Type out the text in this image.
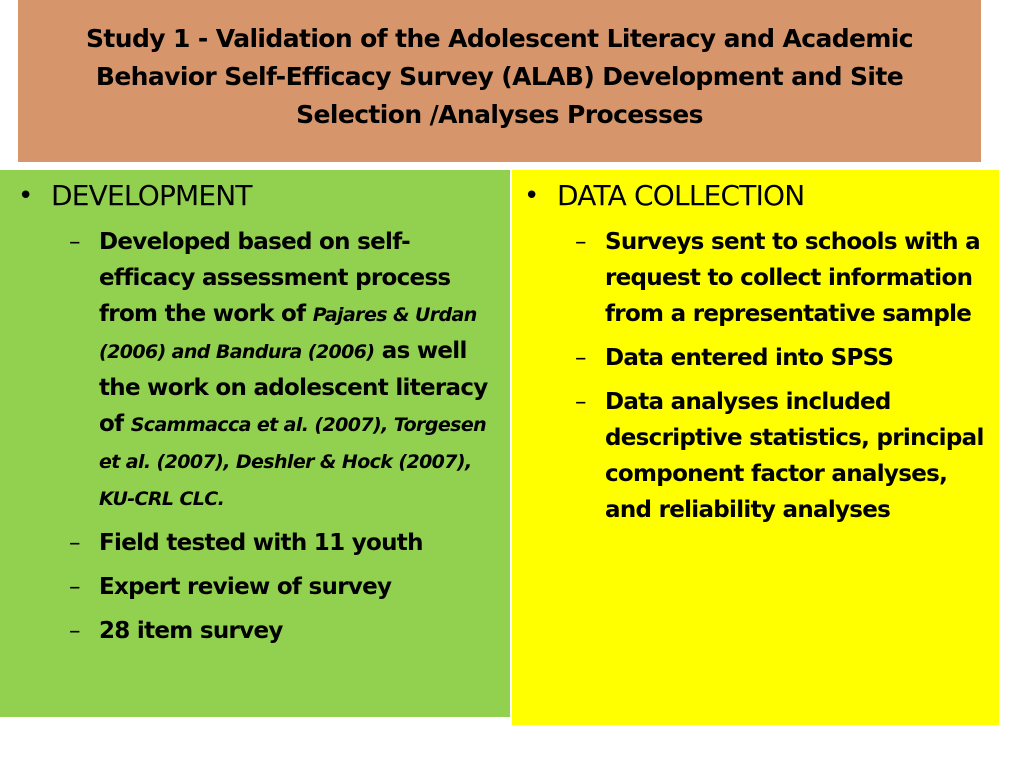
Study 1 - Validation of the Adolescent Literacy and Academic Behavior Self-Efficacy Survey (ALAB) Development and Site Selection /Analyses Processes
• DEVELOPMENT
– Developed based on self-efficacy assessment process from the work of Pajares & Urdan (2006) and Bandura (2006) as well the work on adolescent literacy of Scammacca et al. (2007), Torgesen et al. (2007), Deshler & Hock (2007), KU-CRL CLC.
– Field tested with 11 youth
– Expert review of survey
– 28 item survey
• DATA COLLECTION
– Surveys sent to schools with a request to collect information from a representative sample
– Data entered into SPSS
– Data analyses included descriptive statistics, principal component factor analyses, and reliability analyses
